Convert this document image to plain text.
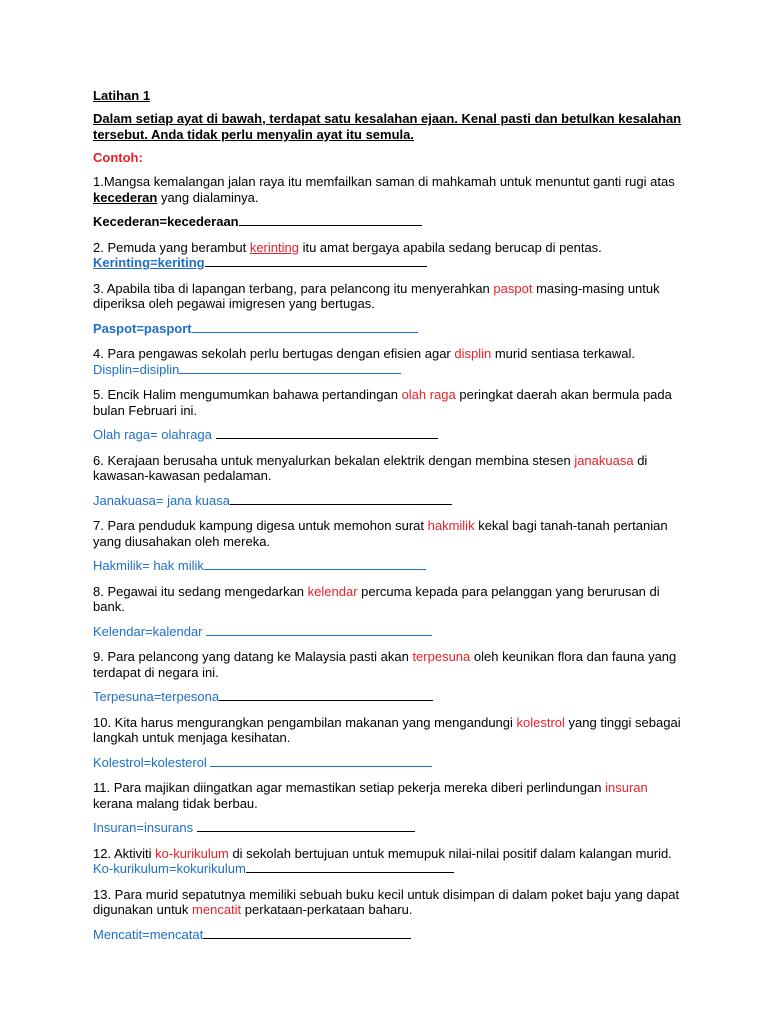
Latihan 1

Dalam setiap ayat di bawah, terdapat satu kesalahan ejaan. Kenal pasti dan betulkan kesalahan tersebut. Anda tidak perlu menyalin ayat itu semula.

Contoh:

1.Mangsa kemalangan jalan raya itu memfailkan saman di mahkamah untuk menuntut ganti rugi atas kecederan yang dialaminya.

Kecederan=kecederaan

2. Pemuda yang berambut kerinting itu amat bergaya apabila sedang berucap di pentas.

Kerinting=keriting

3. Apabila tiba di lapangan terbang, para pelancong itu menyerahkan paspot masing-masing untuk diperiksa oleh pegawai imigresen yang bertugas.

Paspot=pasport

4. Para pengawas sekolah perlu bertugas dengan efisien agar displin murid sentiasa terkawal.

Displin=disiplin

5. Encik Halim mengumumkan bahawa pertandingan olah raga peringkat daerah akan bermula pada bulan Februari ini.

Olah raga= olahraga

6. Kerajaan berusaha untuk menyalurkan bekalan elektrik dengan membina stesen janakuasa di kawasan-kawasan pedalaman.

Janakuasa= jana kuasa

7. Para penduduk kampung digesa untuk memohon surat hakmilik kekal bagi tanah-tanah pertanian yang diusahakan oleh mereka.

Hakmilik= hak milik

8. Pegawai itu sedang mengedarkan kelendar percuma kepada para pelanggan yang berurusan di bank.

Kelendar=kalendar

9. Para pelancong yang datang ke Malaysia pasti akan terpesuna oleh keunikan flora dan fauna yang terdapat di negara ini.

Terpesuna=terpesona

10. Kita harus mengurangkan pengambilan makanan yang mengandungi kolestrol yang tinggi sebagai langkah untuk menjaga kesihatan.

Kolestrol=kolesterol

11. Para majikan diingatkan agar memastikan setiap pekerja mereka diberi perlindungan insuran kerana malang tidak berbau.

Insuran=insurans

12. Aktiviti ko-kurikulum di sekolah bertujuan untuk memupuk nilai-nilai positif dalam kalangan murid.

Ko-kurikulum=kokurikulum

13. Para murid sepatutnya memiliki sebuah buku kecil untuk disimpan di dalam poket baju yang dapat digunakan untuk mencatit perkataan-perkataan baharu.

Mencatit=mencatat
